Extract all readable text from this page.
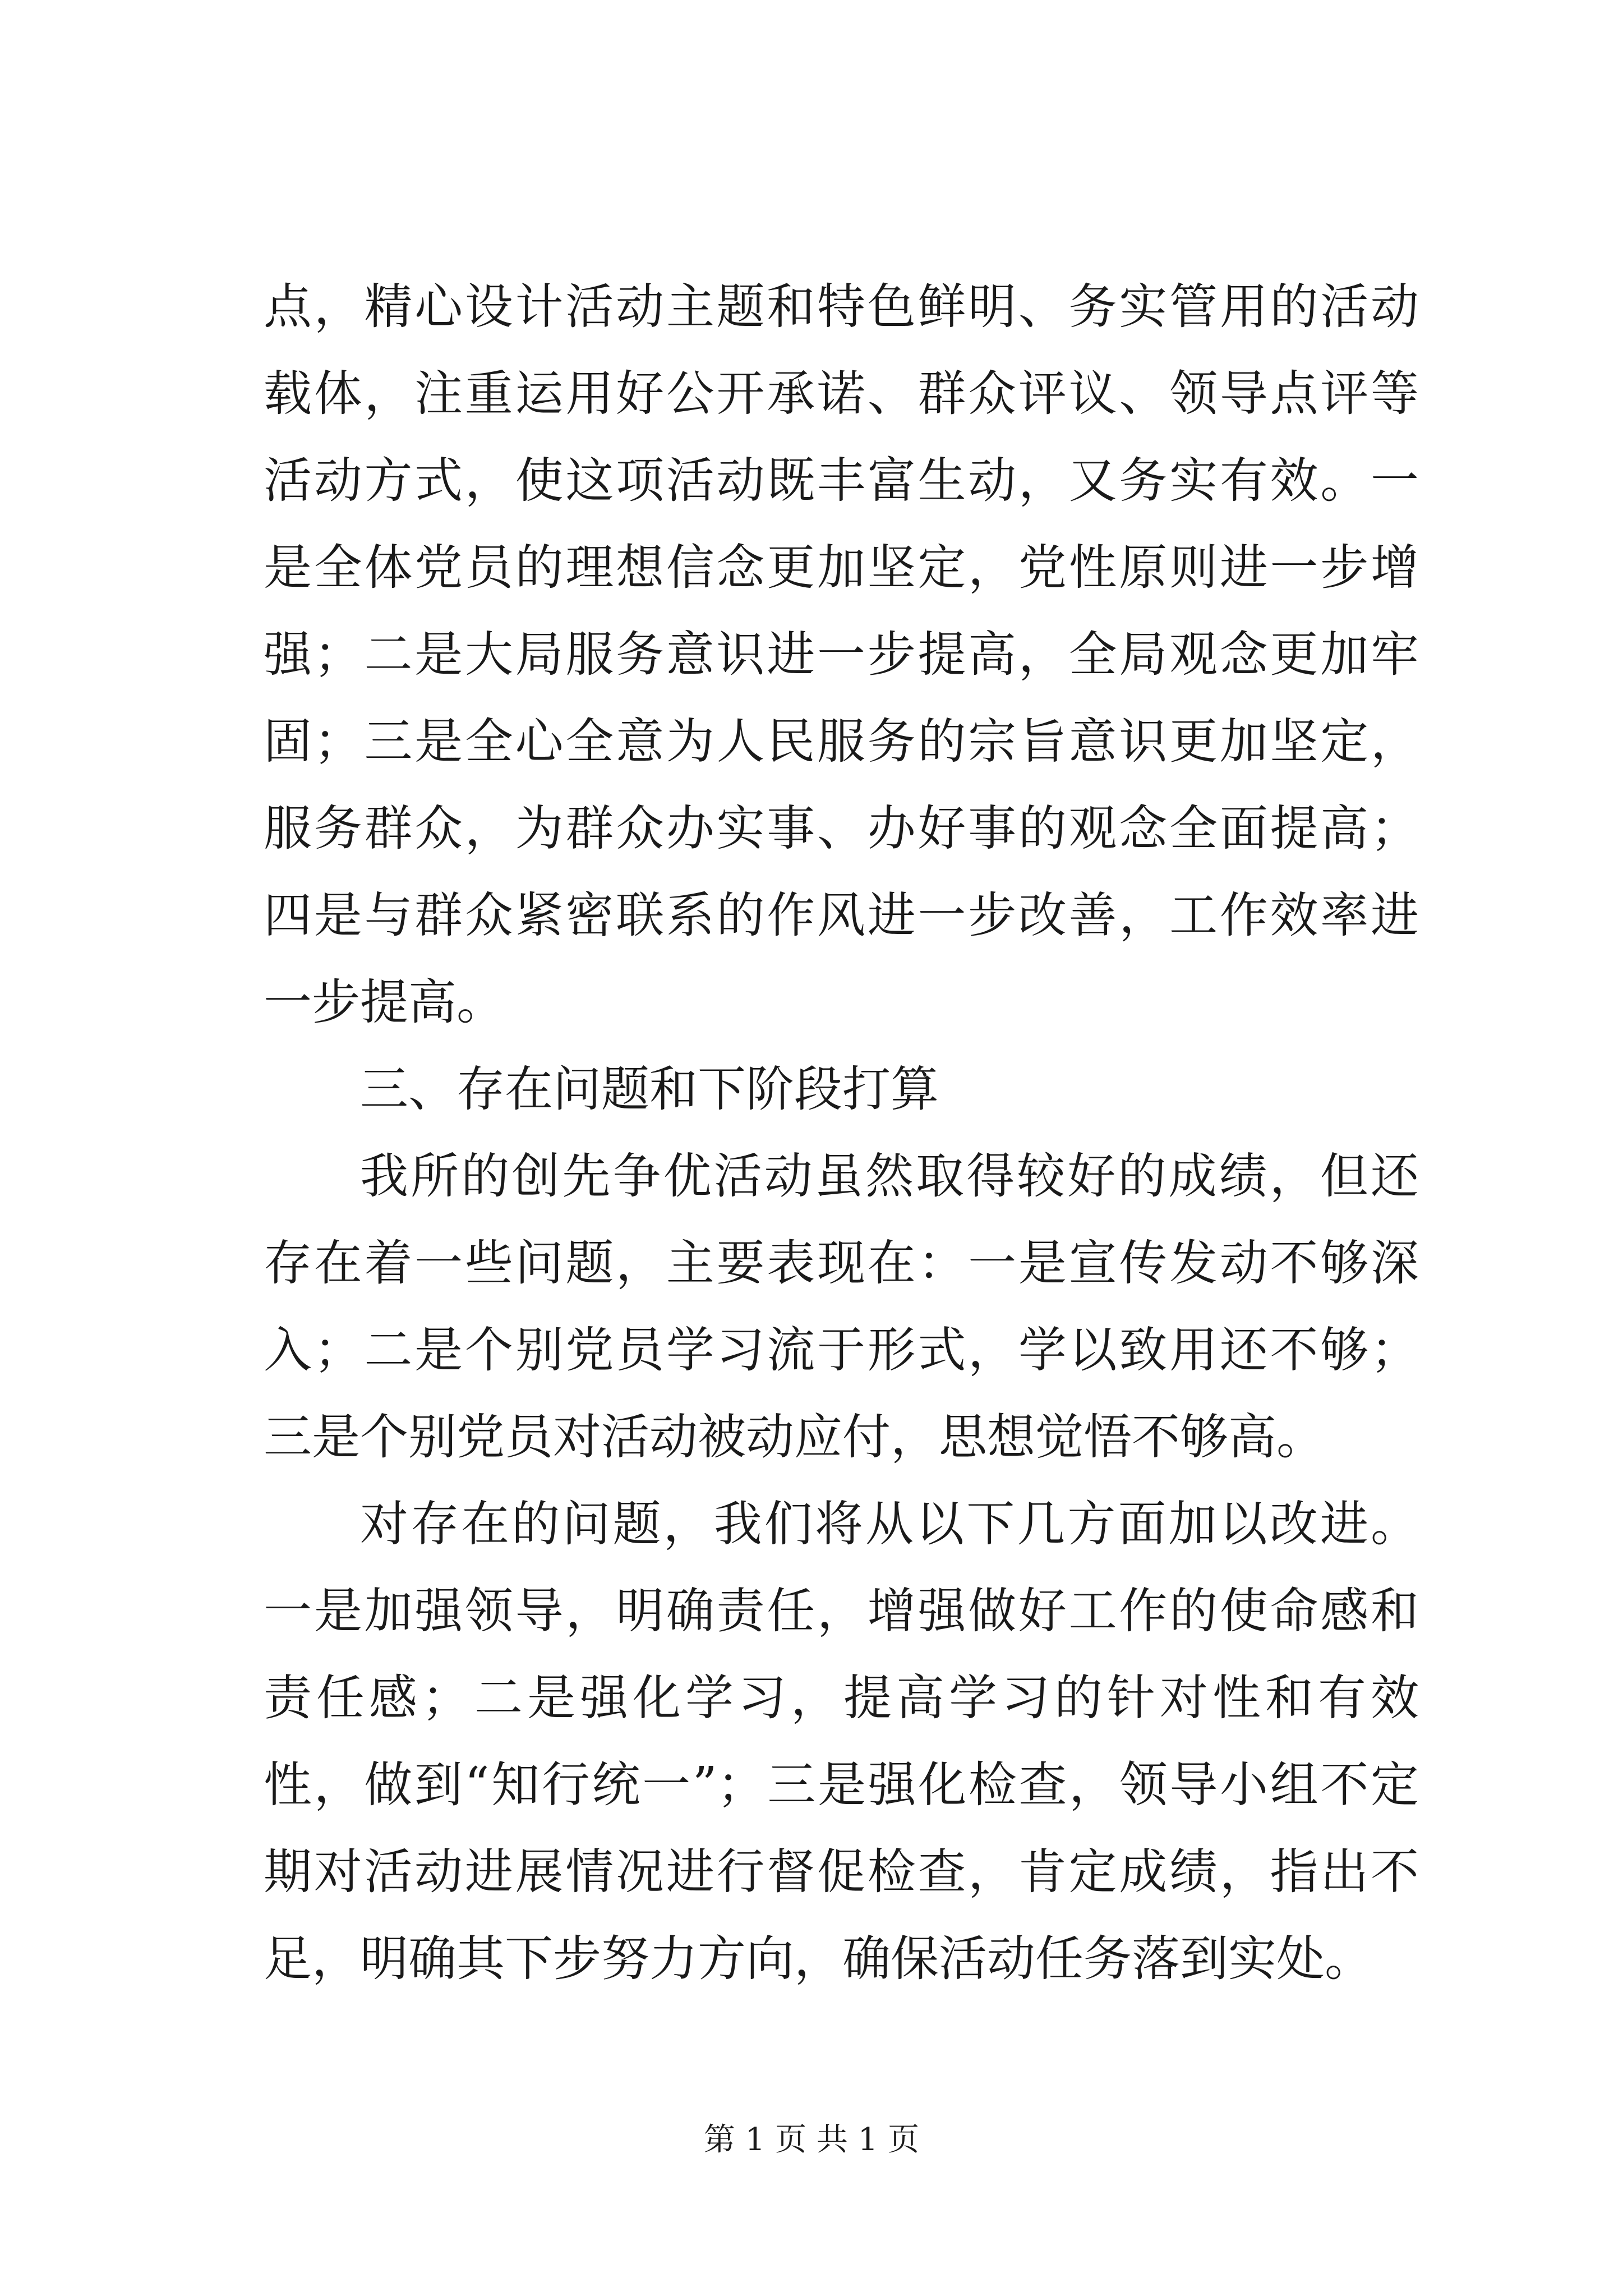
点，精心设计活动主题和特色鲜明、务实管用的活动载体，注重运用好公开承诺、群众评议、领导点评等活动方式，使这项活动既丰富生动，又务实有效。一是全体党员的理想信念更加坚定，党性原则进一步增强；二是大局服务意识进一步提高，全局观念更加牢固；三是全心全意为人民服务的宗旨意识更加坚定，服务群众，为群众办实事、办好事的观念全面提高；四是与群众紧密联系的作风进一步改善，工作效率进一步提高。

三、存在问题和下阶段打算

我所的创先争优活动虽然取得较好的成绩，但还存在着一些问题，主要表现在：一是宣传发动不够深入；二是个别党员学习流于形式，学以致用还不够；三是个别党员对活动被动应付，思想觉悟不够高。

对存在的问题，我们将从以下几方面加以改进。一是加强领导，明确责任，增强做好工作的使命感和责任感；二是强化学习，提高学习的针对性和有效性，做到“知行统一”；三是强化检查，领导小组不定期对活动进展情况进行督促检查，肯定成绩，指出不足，明确其下步努力方向，确保活动任务落到实处。

第 1 页 共 1 页
